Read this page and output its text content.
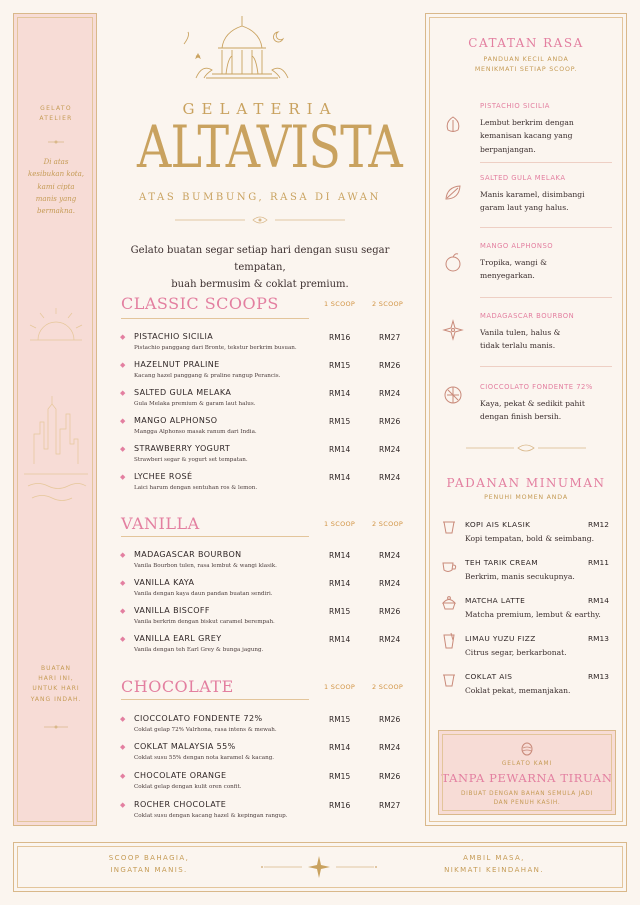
GELATO
ATELIER
Di atas
kesibukan kota,
kami cipta
manis yang
bermakna.
BUATAN
HARI INI,
UNTUK HARI
YANG INDAH.
GELATERIA
ALTAVISTA
ATAS BUMBUNG, RASA DI AWAN
Gelato buatan segar setiap hari dengan susu segar tempatan,
buah bermusim & coklat premium.
CLASSIC SCOOPS	1 SCOOP	2 SCOOP
◆ PISTACHIO SICILIA
Pistachio panggang dari Bronte, tekstur berkrim busuan.
RM16	RM27
◆ HAZELNUT PRALINE
Kacang hazel panggang & praline rangup Perancis.
RM15	RM26
◆ SALTED GULA MELAKA
Gula Melaka premium & garam laut halus.
RM14	RM24
◆ MANGO ALPHONSO
Mangga Alphonso masak ranum dari India.
RM15	RM26
◆ STRAWBERRY YOGURT
Strawberi segar & yogurt set tempatan.
RM14	RM24
◆ LYCHEE ROSÉ
Laici harum dengan sentuhan ros & lemon.
RM14	RM24
VANILLA	1 SCOOP	2 SCOOP
◆ MADAGASCAR BOURBON
Vanila Bourbon tulen, rasa lembut & wangi klasik.
RM14	RM24
◆ VANILLA KAYA
Vanila dengan kaya daun pandan buatan sendiri.
RM14	RM24
◆ VANILLA BISCOFF
Vanila berkrim dengan biskut caramel berempah.
RM15	RM26
◆ VANILLA EARL GREY
Vanila dengan teh Earl Grey & bunga jagung.
RM14	RM24
CHOCOLATE	1 SCOOP	2 SCOOP
◆ CIOCCOLATO FONDENTE 72%
Coklat gelap 72% Valrhona, rasa intens & mewah.
RM15	RM26
◆ COKLAT MALAYSIA 55%
Coklat susu 55% dengan nota karamel & kacang.
RM14	RM24
◆ CHOCOLATE ORANGE
Coklat gelap dengan kulit oren confit.
RM15	RM26
◆ ROCHER CHOCOLATE
Coklat susu dengan kacang hazel & kepingan rangup.
RM16	RM27
CATATAN RASA
PANDUAN KECIL ANDA
MENIKMATI SETIAP SCOOP.
PISTACHIO SICILIA
Lembut berkrim dengan
kemanisan kacang yang
berpanjangan.
SALTED GULA MELAKA
Manis karamel, disimbangi
garam laut yang halus.
MANGO ALPHONSO
Tropika, wangi &
menyegarkan.
MADAGASCAR BOURBON
Vanila tulen, halus &
tidak terlalu manis.
CIOCCOLATO FONDENTE 72%
Kaya, pekat & sedikit pahit
dengan finish bersih.
PADANAN MINUMAN
PENUHI MOMEN ANDA
KOPI AIS KLASIK	RM12
Kopi tempatan, bold & seimbang.
TEH TARIK CREAM	RM11
Berkrim, manis secukupnya.
MATCHA LATTE	RM14
Matcha premium, lembut & earthy.
LIMAU YUZU FIZZ	RM13
Citrus segar, berkarbonat.
COKLAT AIS	RM13
Coklat pekat, memanjakan.
GELATO KAMI
TANPA PEWARNA TIRUAN
DIBUAT DENGAN BAHAN SEMULA JADI
DAN PENUH KASIH.
SCOOP BAHAGIA,
INGATAN MANIS.
AMBIL MASA,
NIKMATI KEINDAHAN.
